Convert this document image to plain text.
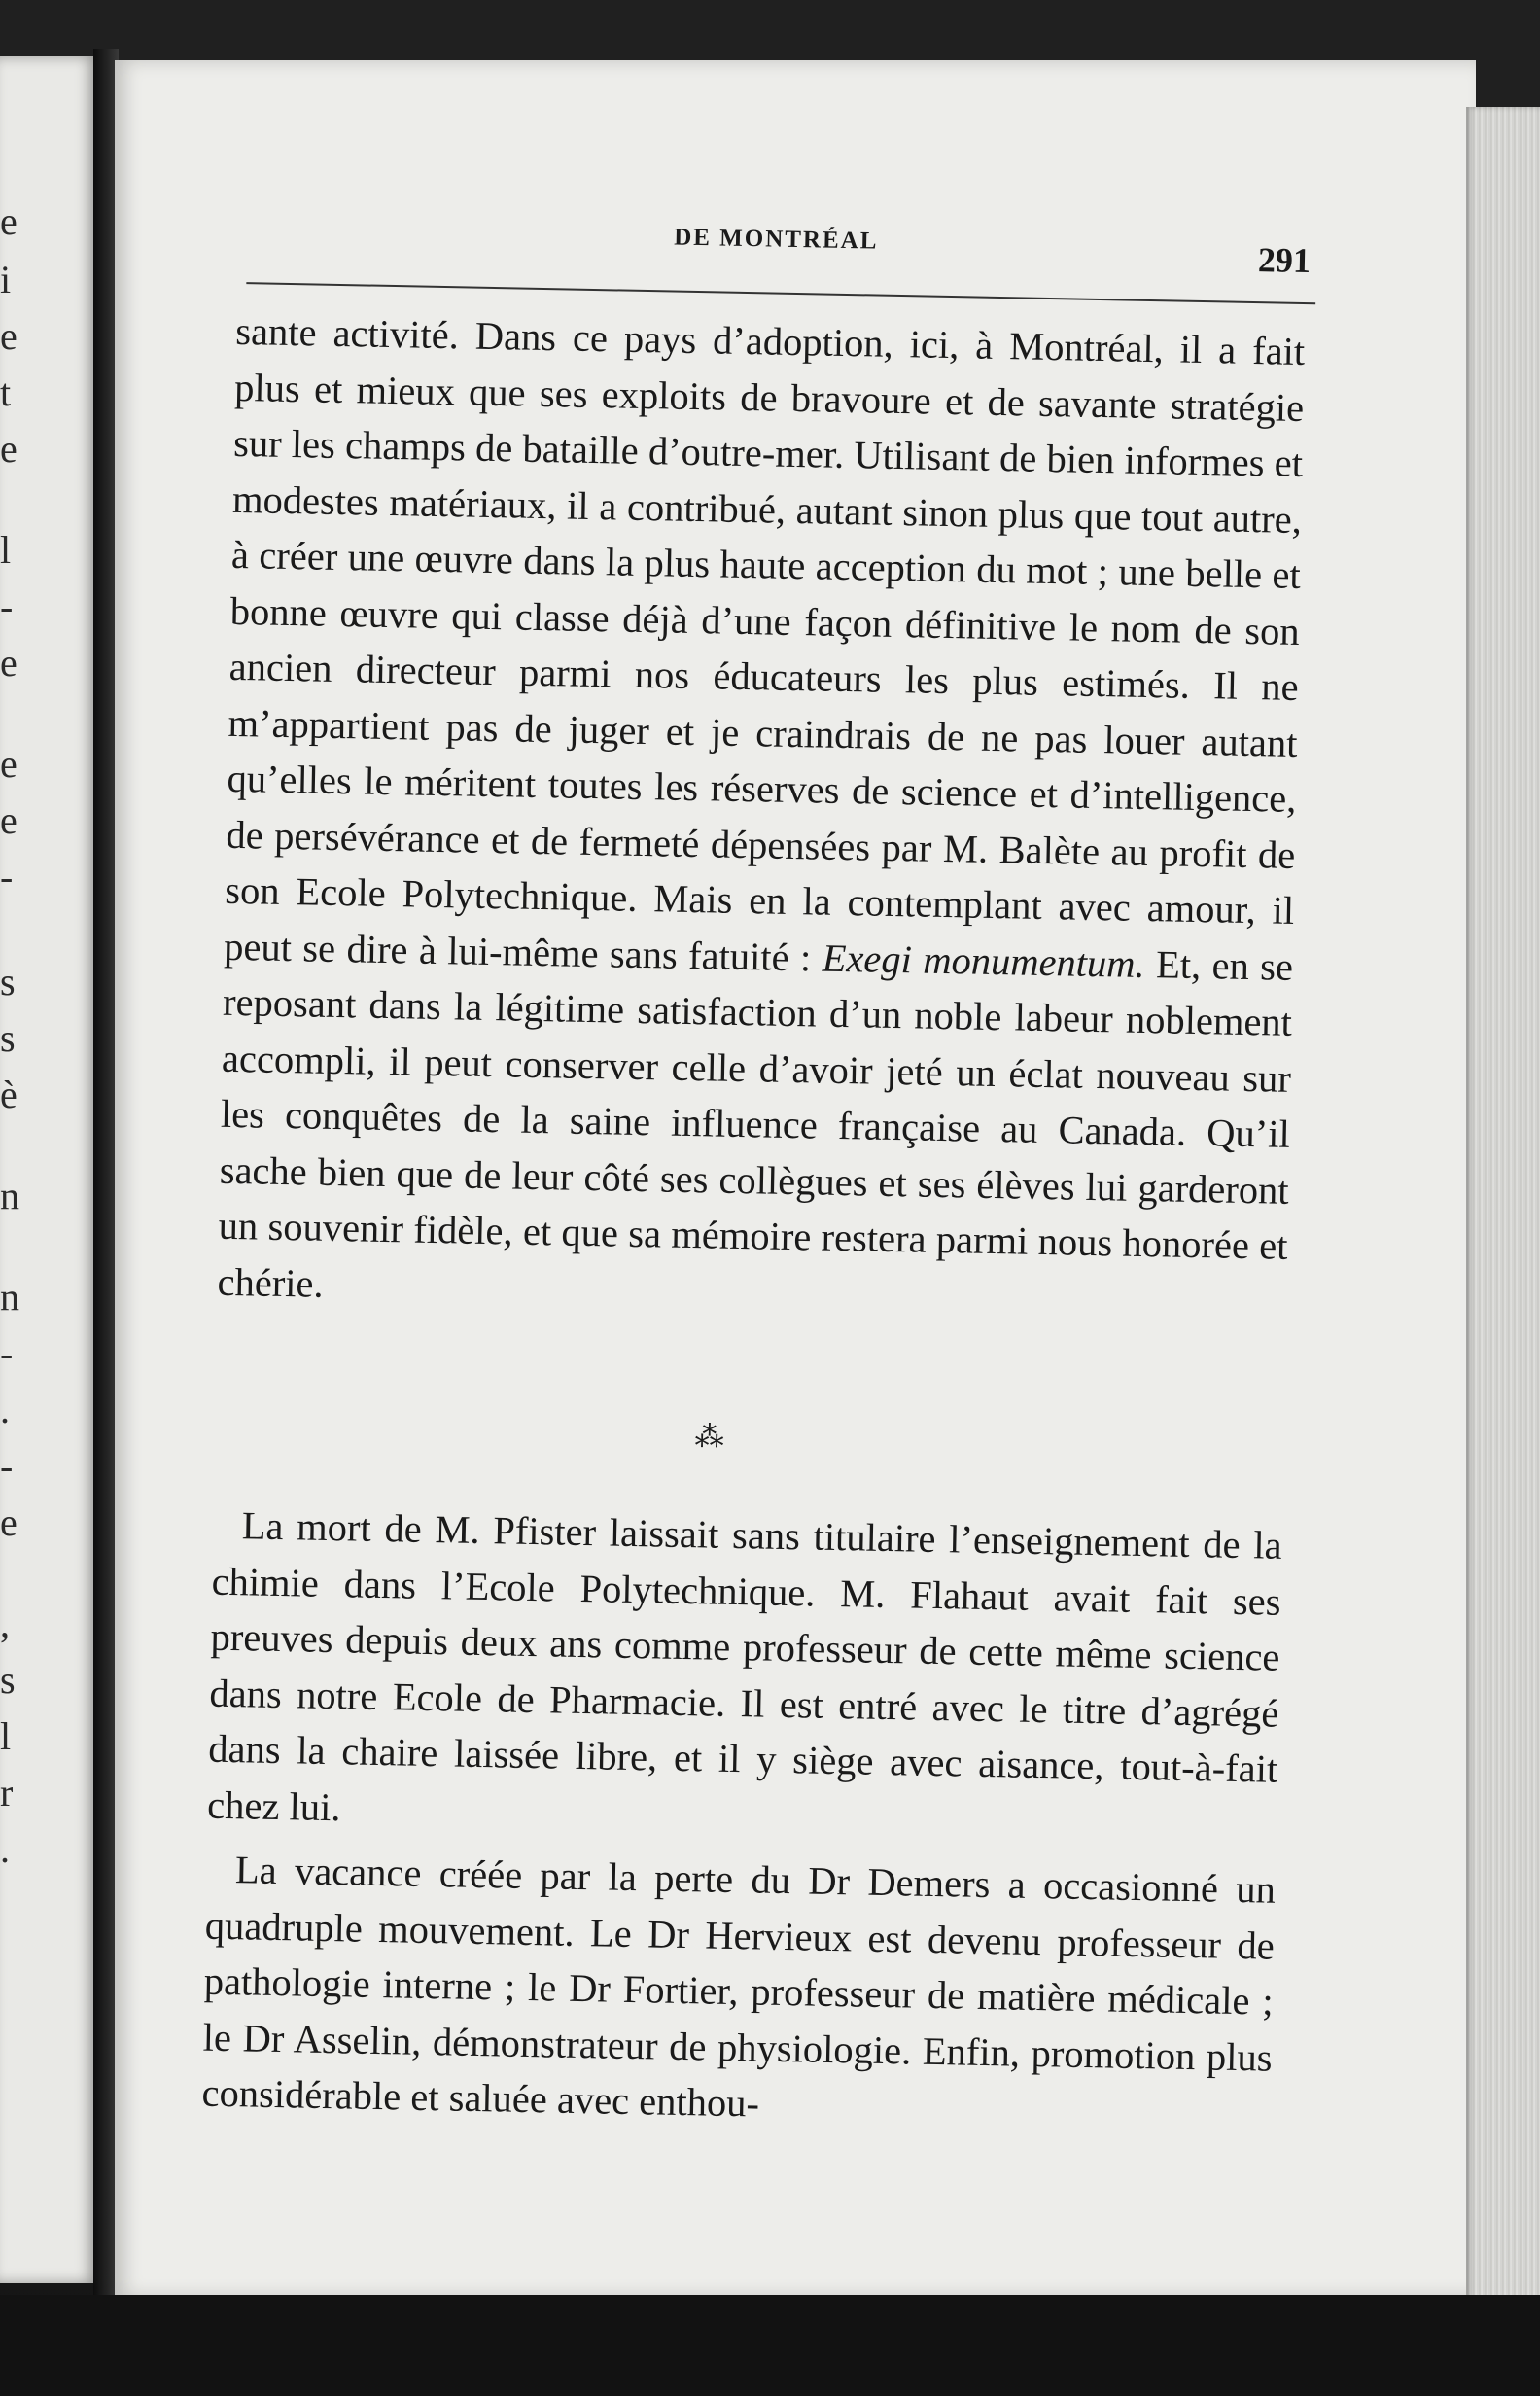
e
i
e
t
e
l
-
e
e
e
-
s
s
è
n
n
-
.
-
e
,
s
l
r
.
DE MONTRÉAL
291

sante activité. Dans ce pays d’adoption, ici, à Montréal, il a fait plus et mieux que ses exploits de bravoure et de savante stratégie sur les champs de bataille d’outre-mer. Utilisant de bien informes et modestes matériaux, il a contribué, autant sinon plus que tout autre, à créer une œuvre dans la plus haute acception du mot ; une belle et bonne œuvre qui classe déjà d’une façon définitive le nom de son ancien directeur parmi nos éducateurs les plus estimés. Il ne m’appartient pas de juger et je craindrais de ne pas louer autant qu’elles le méritent toutes les réserves de science et d’intelligence, de persévérance et de fermeté dépensées par M. Balète au profit de son Ecole Polytechnique. Mais en la contemplant avec amour, il peut se dire à lui-même sans fatuité : Exegi monumentum. Et, en se reposant dans la légitime satisfaction d’un noble labeur noblement accompli, il peut conserver celle d’avoir jeté un éclat nouveau sur les conquêtes de la saine influence française au Canada. Qu’il sache bien que de leur côté ses collègues et ses élèves lui garderont un souvenir fidèle, et que sa mémoire restera parmi nous honorée et chérie.

⁂

La mort de M. Pfister laissait sans titulaire l’enseignement de la chimie dans l’Ecole Polytechnique. M. Flahaut avait fait ses preuves depuis deux ans comme professeur de cette même science dans notre Ecole de Pharmacie. Il est entré avec le titre d’agrégé dans la chaire laissée libre, et il y siège avec aisance, tout-à-fait chez lui.

La vacance créée par la perte du Dr Demers a occasionné un quadruple mouvement. Le Dr Hervieux est devenu professeur de pathologie interne ; le Dr Fortier, professeur de matière médicale ; le Dr Asselin, démonstrateur de physiologie. Enfin, promotion plus considérable et saluée avec enthou-
